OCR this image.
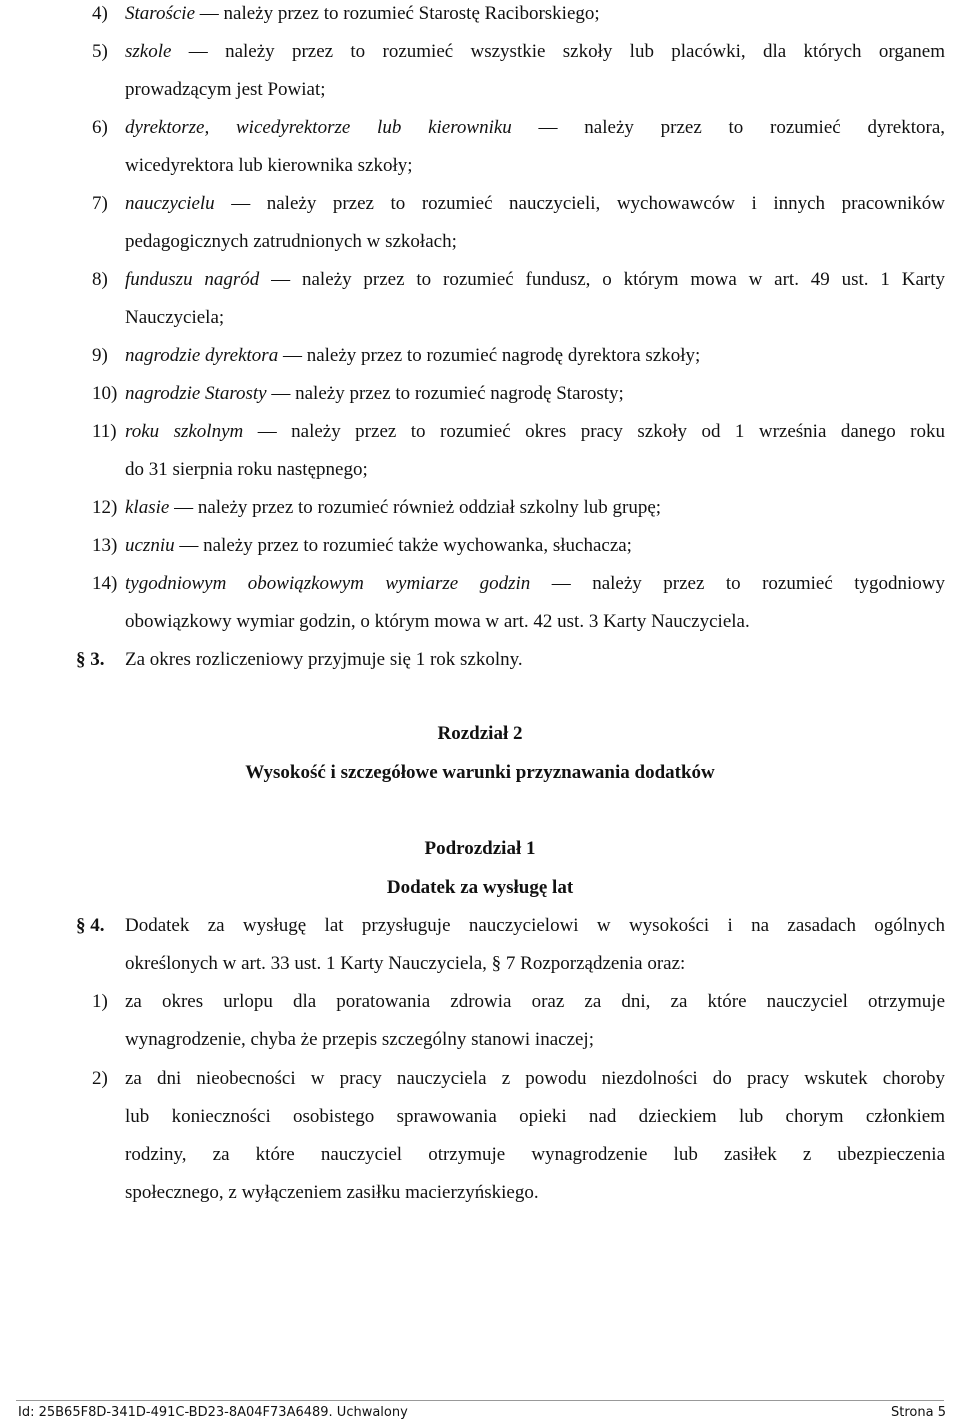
4) Staroście — należy przez to rozumieć Starostę Raciborskiego;
5) szkole — należy przez to rozumieć wszystkie szkoły lub placówki, dla których organem
prowadzącym jest Powiat;
6) dyrektorze, wicedyrektorze lub kierowniku — należy przez to rozumieć dyrektora,
wicedyrektora lub kierownika szkoły;
7) nauczycielu — należy przez to rozumieć nauczycieli, wychowawców i innych pracowników
pedagogicznych zatrudnionych w szkołach;
8) funduszu nagród — należy przez to rozumieć fundusz, o którym mowa w art. 49 ust. 1 Karty
Nauczyciela;
9) nagrodzie dyrektora — należy przez to rozumieć nagrodę dyrektora szkoły;
10) nagrodzie Starosty — należy przez to rozumieć nagrodę Starosty;
11) roku szkolnym — należy przez to rozumieć okres pracy szkoły od 1 września danego roku
do 31 sierpnia roku następnego;
12) klasie — należy przez to rozumieć również oddział szkolny lub grupę;
13) uczniu — należy przez to rozumieć także wychowanka, słuchacza;
14) tygodniowym obowiązkowym wymiarze godzin — należy przez to rozumieć tygodniowy
obowiązkowy wymiar godzin, o którym mowa w art. 42 ust. 3 Karty Nauczyciela.
§ 3. Za okres rozliczeniowy przyjmuje się 1 rok szkolny.
Rozdział 2
Wysokość i szczegółowe warunki przyznawania dodatków
Podrozdział 1
Dodatek za wysługę lat
§ 4. Dodatek za wysługę lat przysługuje nauczycielowi w wysokości i na zasadach ogólnych
określonych w art. 33 ust. 1 Karty Nauczyciela, § 7 Rozporządzenia oraz:
1) za okres urlopu dla poratowania zdrowia oraz za dni, za które nauczyciel otrzymuje
wynagrodzenie, chyba że przepis szczególny stanowi inaczej;
2) za dni nieobecności w pracy nauczyciela z powodu niezdolności do pracy wskutek choroby
lub konieczności osobistego sprawowania opieki nad dzieckiem lub chorym członkiem
rodziny, za które nauczyciel otrzymuje wynagrodzenie lub zasiłek z ubezpieczenia
społecznego, z wyłączeniem zasiłku macierzyńskiego.
Id: 25B65F8D-341D-491C-BD23-8A04F73A6489. Uchwalony	Strona 5
